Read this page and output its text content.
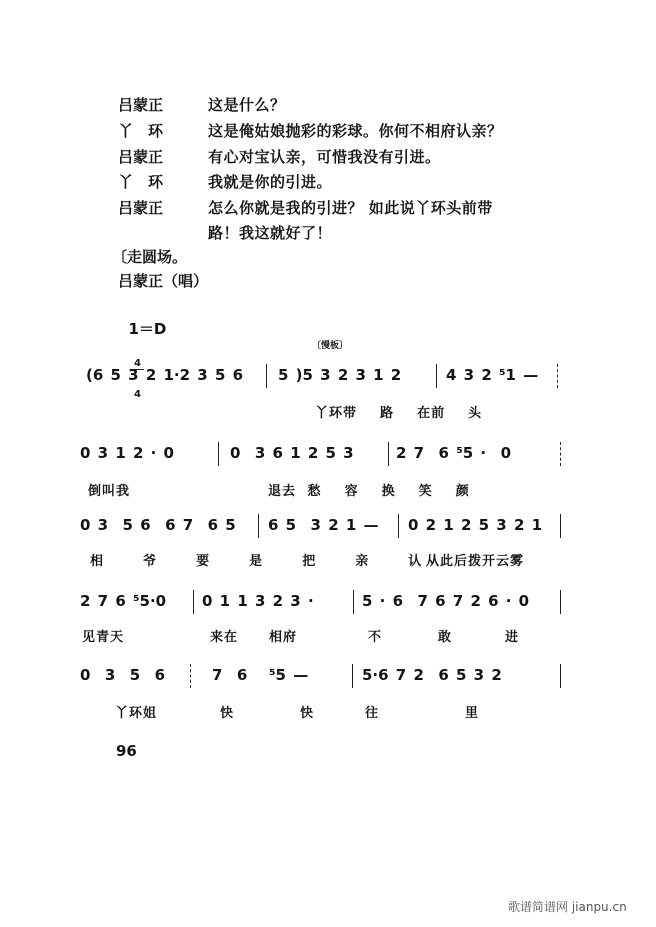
吕蒙正	这是什么？
丫　环	这是俺姑娘抛彩的彩球。你何不相府认亲？
吕蒙正	有心对宝认亲，可惜我没有引进。
丫　环	我就是你的引进。
吕蒙正	怎么你就是我的引进？ 如此说丫环头前带
路！我这就好了！
〔走圆场。
吕蒙正（唱）

1＝D

$\frac{4}{4}$

	〔慢板〕
(6 5 3 2 1·2 3 5 6 5 )5 3 2 3 1 2	4 3 2 ⁵1 —
丫环带  路  在前  头
0 3 1 2 · 0	0  3 6 1 2 5 3	2 7  6 ⁵5 ·  0
倒叫我	退去 愁  容  换  笑  颜
0 3  5 6  6 7  6 5 6 5  3 2 1 — 0 2 1 2 5 3 2 1
相  爷  要  是  把  亲  认 从此后拨开云雾
2 7 6 ⁵5·0 0 1 1 3 2 3 ·	5 · 6  7 6 7 2 6 · 0
见青天	来在  相府	不	敢	进
0  3  5  6	7  6   ⁵5 —	5·6 7 2  6 5 3 2
丫环姐	快	快	往	里
96
歌谱简谱网 jianpu.cn
